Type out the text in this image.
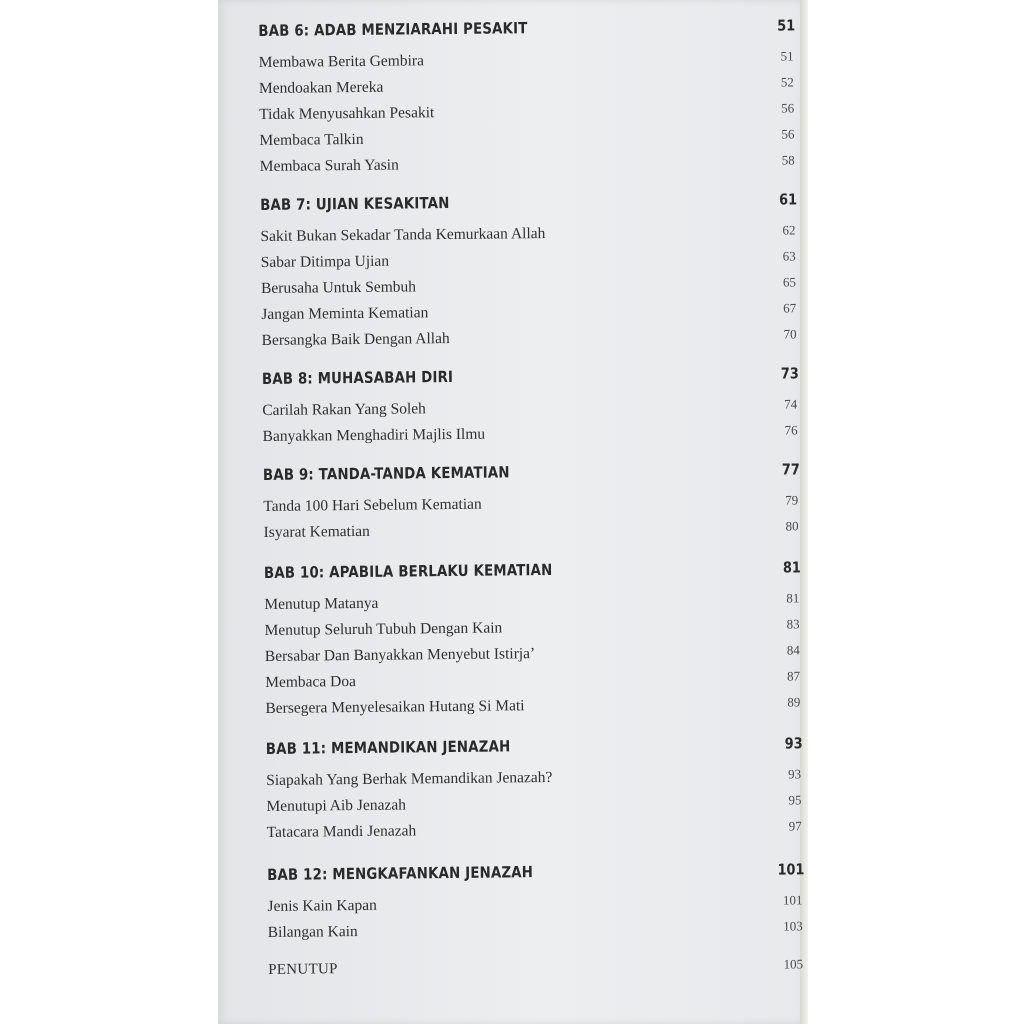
BAB 6: ADAB MENZIARAHI PESAKIT	51
Membawa Berita Gembira	51
Mendoakan Mereka	52
Tidak Menyusahkan Pesakit	56
Membaca Talkin	56
Membaca Surah Yasin	58
BAB 7: UJIAN KESAKITAN	61
Sakit Bukan Sekadar Tanda Kemurkaan Allah	62
Sabar Ditimpa Ujian	63
Berusaha Untuk Sembuh	65
Jangan Meminta Kematian	67
Bersangka Baik Dengan Allah	70
BAB 8: MUHASABAH DIRI	73
Carilah Rakan Yang Soleh	74
Banyakkan Menghadiri Majlis Ilmu	76
BAB 9: TANDA-TANDA KEMATIAN	77
Tanda 100 Hari Sebelum Kematian	79
Isyarat Kematian	80
BAB 10: APABILA BERLAKU KEMATIAN	81
Menutup Matanya	81
Menutup Seluruh Tubuh Dengan Kain	83
Bersabar Dan Banyakkan Menyebut Istirja’	84
Membaca Doa	87
Bersegera Menyelesaikan Hutang Si Mati	89
BAB 11: MEMANDIKAN JENAZAH	93
Siapakah Yang Berhak Memandikan Jenazah?	93
Menutupi Aib Jenazah	95
Tatacara Mandi Jenazah	97
BAB 12: MENGKAFANKAN JENAZAH	101
Jenis Kain Kapan	101
Bilangan Kain	103
PENUTUP	105
